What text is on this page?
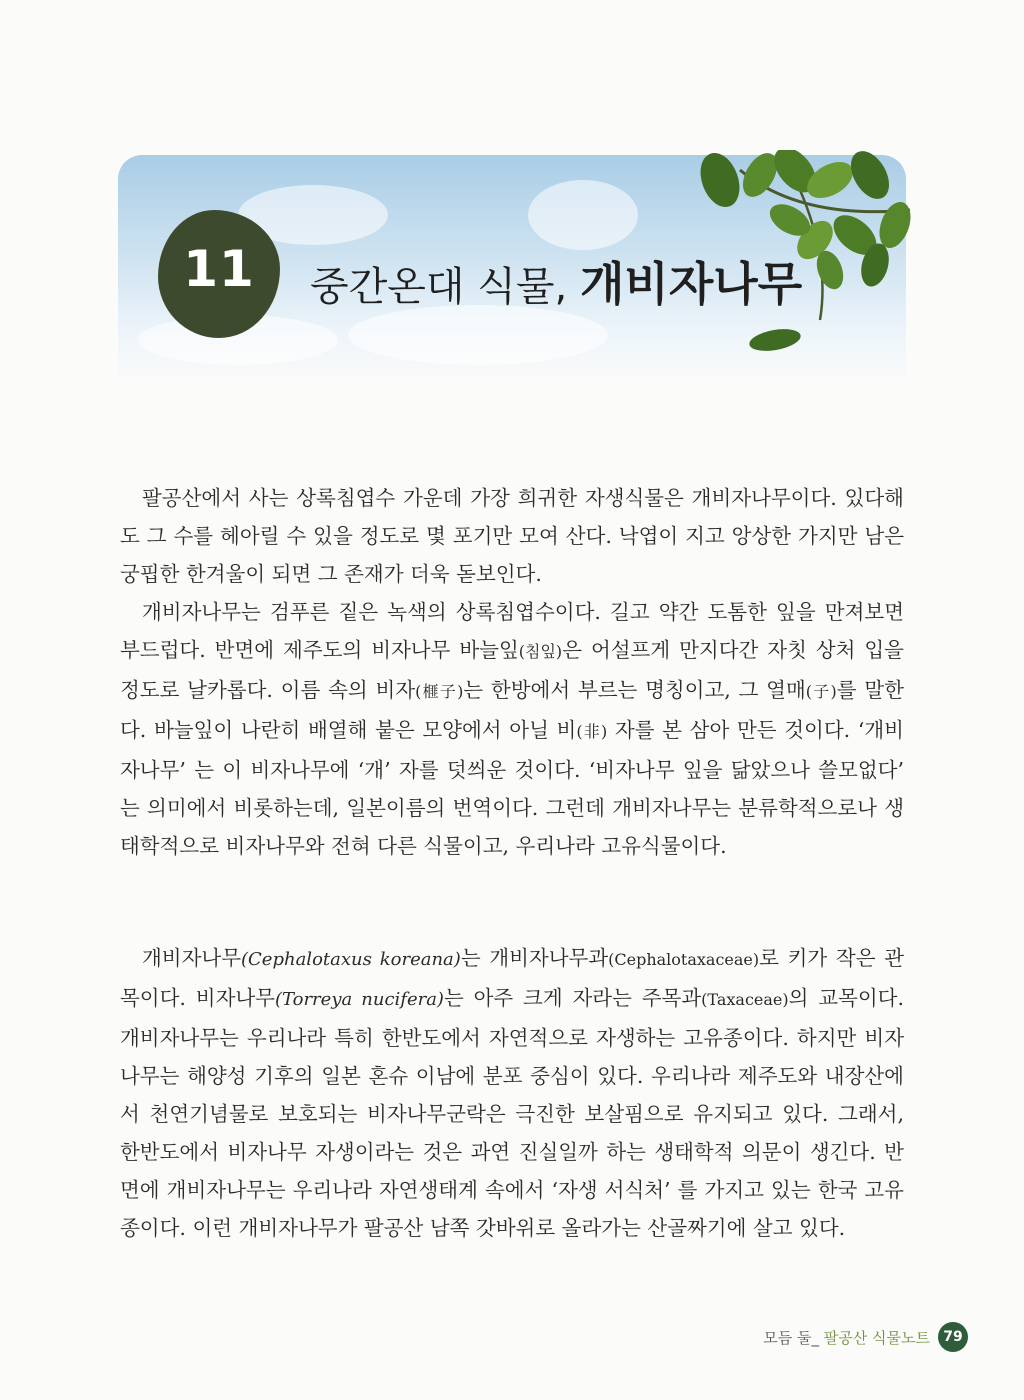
11	중간온대 식물, 개비자나무

팔공산에서 사는 상록침엽수 가운데 가장 희귀한 자생식물은 개비자나무이다. 있다해도 그 수를 헤아릴 수 있을 정도로 몇 포기만 모여 산다. 낙엽이 지고 앙상한 가지만 남은 궁핍한 한겨울이 되면 그 존재가 더욱 돋보인다.

개비자나무는 검푸른 짙은 녹색의 상록침엽수이다. 길고 약간 도톰한 잎을 만져보면 부드럽다. 반면에 제주도의 비자나무 바늘잎(침잎)은 어설프게 만지다간 자칫 상처 입을 정도로 날카롭다. 이름 속의 비자(榧子)는 한방에서 부르는 명칭이고, 그 열매(子)를 말한다. 바늘잎이 나란히 배열해 붙은 모양에서 아닐 비(非) 자를 본 삼아 만든 것이다. ‘개비자나무’ 는 이 비자나무에 ‘개’ 자를 덧씌운 것이다. ‘비자나무 잎을 닮았으나 쓸모없다’ 는 의미에서 비롯하는데, 일본이름의 번역이다. 그런데 개비자나무는 분류학적으로나 생태학적으로 비자나무와 전혀 다른 식물이고, 우리나라 고유식물이다.

개비자나무(Cephalotaxus koreana)는 개비자나무과(Cephalotaxaceae)로 키가 작은 관목이다. 비자나무(Torreya nucifera)는 아주 크게 자라는 주목과(Taxaceae)의 교목이다. 개비자나무는 우리나라 특히 한반도에서 자연적으로 자생하는 고유종이다. 하지만 비자나무는 해양성 기후의 일본 혼슈 이남에 분포 중심이 있다. 우리나라 제주도와 내장산에서 천연기념물로 보호되는 비자나무군락은 극진한 보살핌으로 유지되고 있다. 그래서, 한반도에서 비자나무 자생이라는 것은 과연 진실일까 하는 생태학적 의문이 생긴다. 반면에 개비자나무는 우리나라 자연생태계 속에서 ‘자생 서식처’ 를 가지고 있는 한국 고유종이다. 이런 개비자나무가 팔공산 남쪽 갓바위로 올라가는 산골짜기에 살고 있다.

모듬 둘_ 팔공산 식물노트 79
